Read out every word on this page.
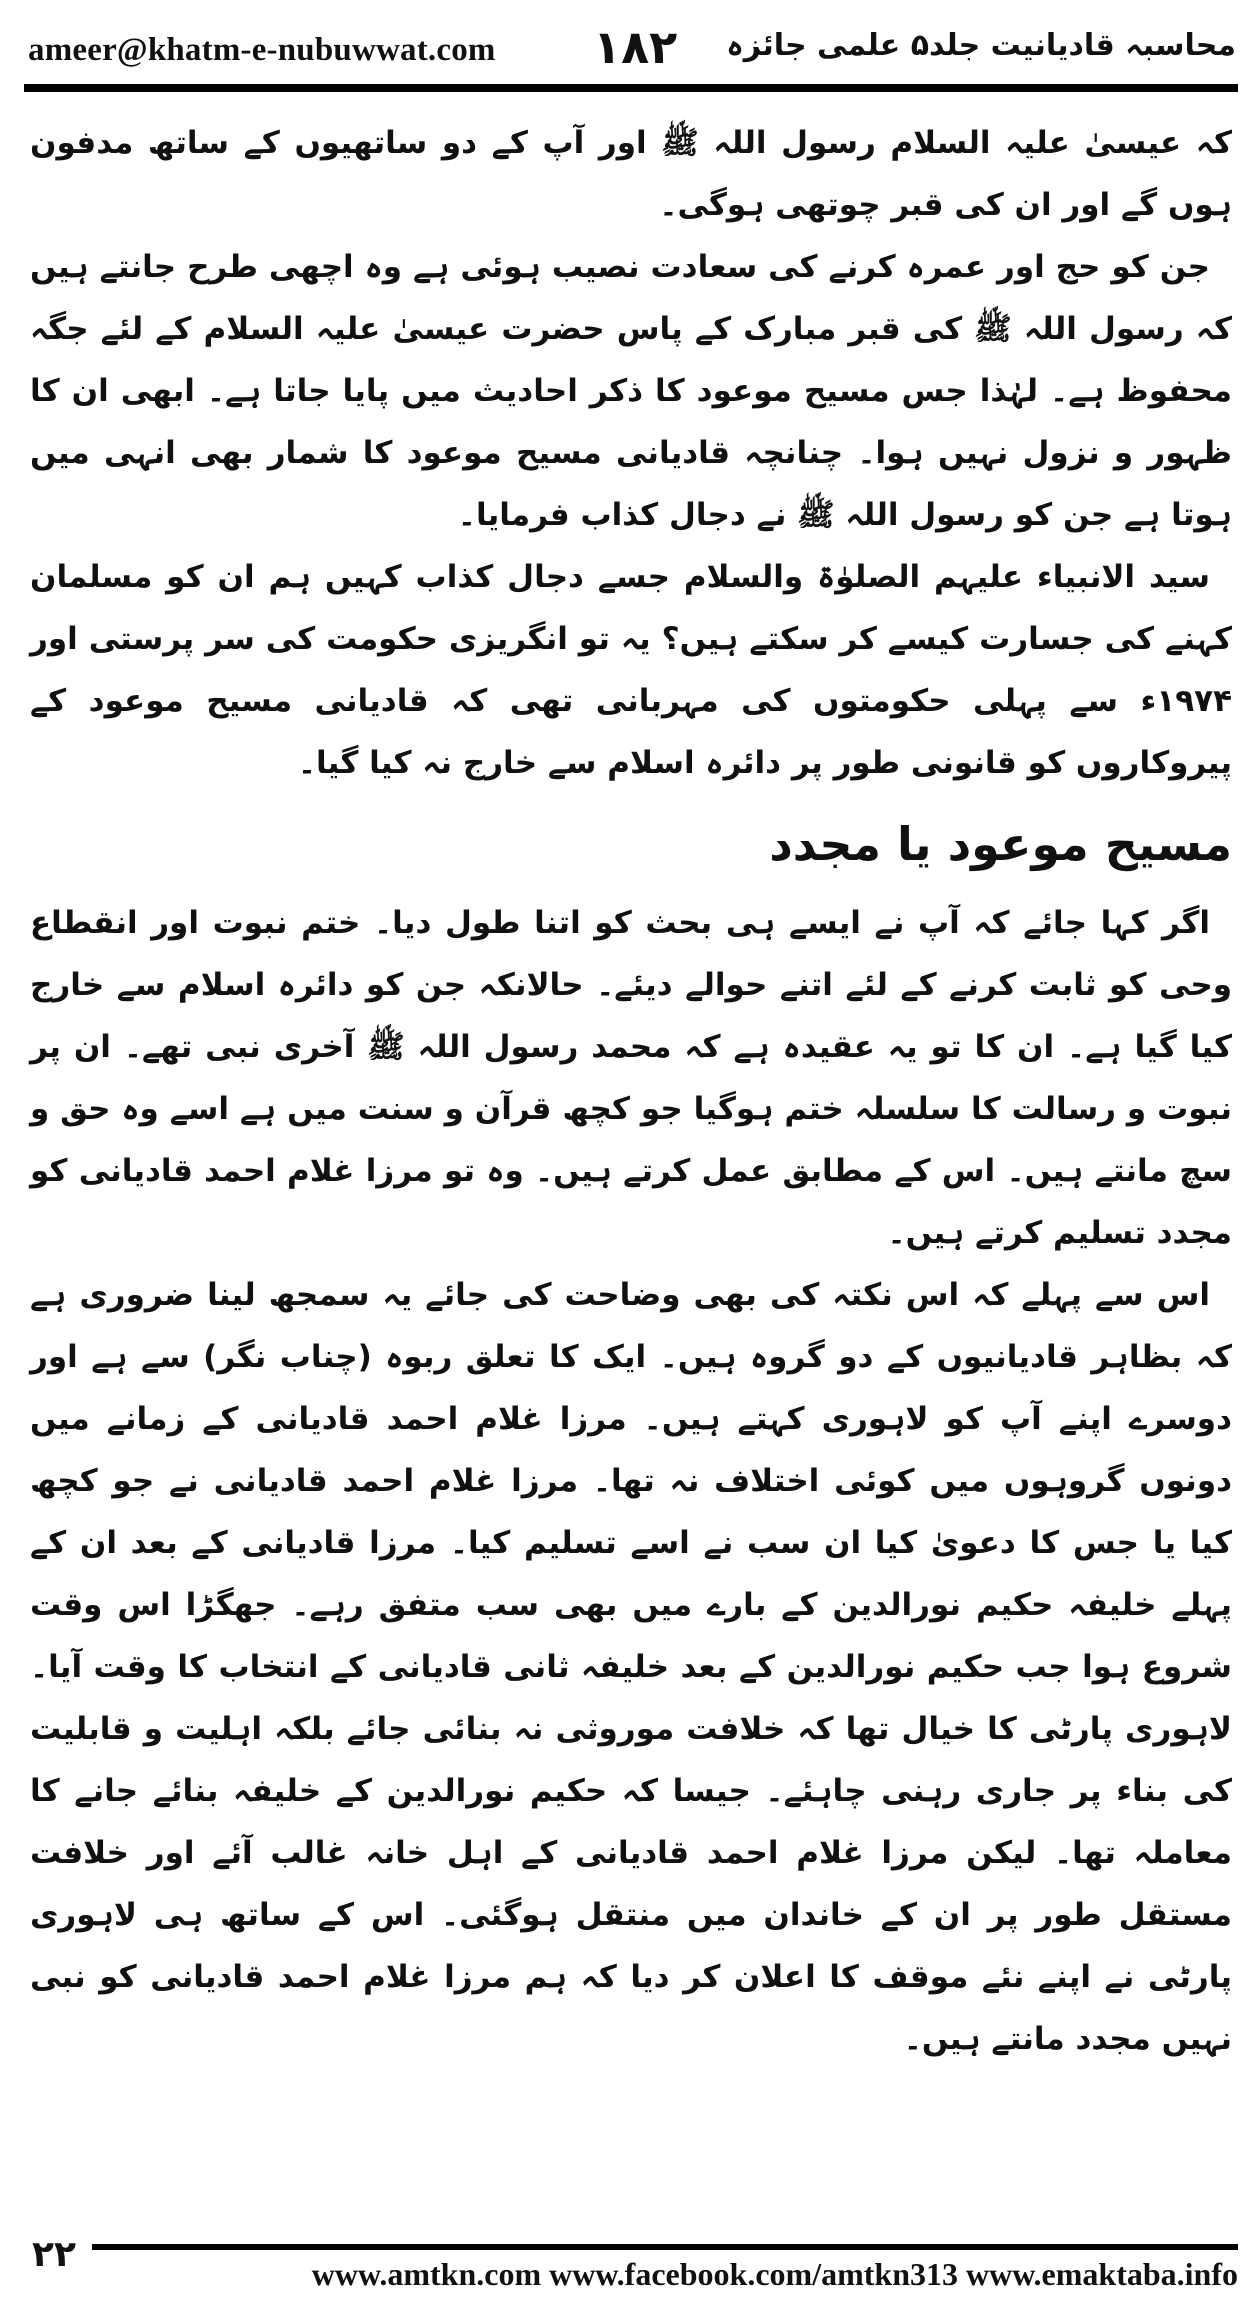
ameer@khatm-e-nubuwwat.com ۱۸۲ محاسبہ قادیانیت جلد۵ علمی جائزہ

کہ عیسیٰ علیہ السلام رسول اللہ ﷺ اور آپ کے دو ساتھیوں کے ساتھ مدفون ہوں گے اور ان کی قبر چوتھی ہوگی۔

جن کو حج اور عمرہ کرنے کی سعادت نصیب ہوئی ہے وہ اچھی طرح جانتے ہیں کہ رسول اللہ ﷺ کی قبر مبارک کے پاس حضرت عیسیٰ علیہ السلام کے لئے جگہ محفوظ ہے۔ لہٰذا جس مسیح موعود کا ذکر احادیث میں پایا جاتا ہے۔ ابھی ان کا ظہور و نزول نہیں ہوا۔ چنانچہ قادیانی مسیح موعود کا شمار بھی انہی میں ہوتا ہے جن کو رسول اللہ ﷺ نے دجال کذاب فرمایا۔

سید الانبیاء علیہم الصلوٰۃ والسلام جسے دجال کذاب کہیں ہم ان کو مسلمان کہنے کی جسارت کیسے کر سکتے ہیں؟ یہ تو انگریزی حکومت کی سر پرستی اور ۱۹۷۴ء سے پہلی حکومتوں کی مہربانی تھی کہ قادیانی مسیح موعود کے پیروکاروں کو قانونی طور پر دائرہ اسلام سے خارج نہ کیا گیا۔

مسیح موعود یا مجدد

اگر کہا جائے کہ آپ نے ایسے ہی بحث کو اتنا طول دیا۔ ختم نبوت اور انقطاع وحی کو ثابت کرنے کے لئے اتنے حوالے دیئے۔ حالانکہ جن کو دائرہ اسلام سے خارج کیا گیا ہے۔ ان کا تو یہ عقیدہ ہے کہ محمد رسول اللہ ﷺ آخری نبی تھے۔ ان پر نبوت و رسالت کا سلسلہ ختم ہوگیا جو کچھ قرآن و سنت میں ہے اسے وہ حق و سچ مانتے ہیں۔ اس کے مطابق عمل کرتے ہیں۔ وہ تو مرزا غلام احمد قادیانی کو مجدد تسلیم کرتے ہیں۔

اس سے پہلے کہ اس نکتہ کی بھی وضاحت کی جائے یہ سمجھ لینا ضروری ہے کہ بظاہر قادیانیوں کے دو گروہ ہیں۔ ایک کا تعلق ربوہ (چناب نگر) سے ہے اور دوسرے اپنے آپ کو لاہوری کہتے ہیں۔ مرزا غلام احمد قادیانی کے زمانے میں دونوں گروہوں میں کوئی اختلاف نہ تھا۔ مرزا غلام احمد قادیانی نے جو کچھ کیا یا جس کا دعویٰ کیا ان سب نے اسے تسلیم کیا۔ مرزا قادیانی کے بعد ان کے پہلے خلیفہ حکیم نورالدین کے بارے میں بھی سب متفق رہے۔ جھگڑا اس وقت شروع ہوا جب حکیم نورالدین کے بعد خلیفہ ثانی قادیانی کے انتخاب کا وقت آیا۔ لاہوری پارٹی کا خیال تھا کہ خلافت موروثی نہ بنائی جائے بلکہ اہلیت و قابلیت کی بناء پر جاری رہنی چاہئے۔ جیسا کہ حکیم نورالدین کے خلیفہ بنائے جانے کا معاملہ تھا۔ لیکن مرزا غلام احمد قادیانی کے اہل خانہ غالب آئے اور خلافت مستقل طور پر ان کے خاندان میں منتقل ہوگئی۔ اس کے ساتھ ہی لاہوری پارٹی نے اپنے نئے موقف کا اعلان کر دیا کہ ہم مرزا غلام احمد قادیانی کو نبی نہیں مجدد مانتے ہیں۔

۲۲	www.amtkn.com www.facebook.com/amtkn313 www.emaktaba.info
